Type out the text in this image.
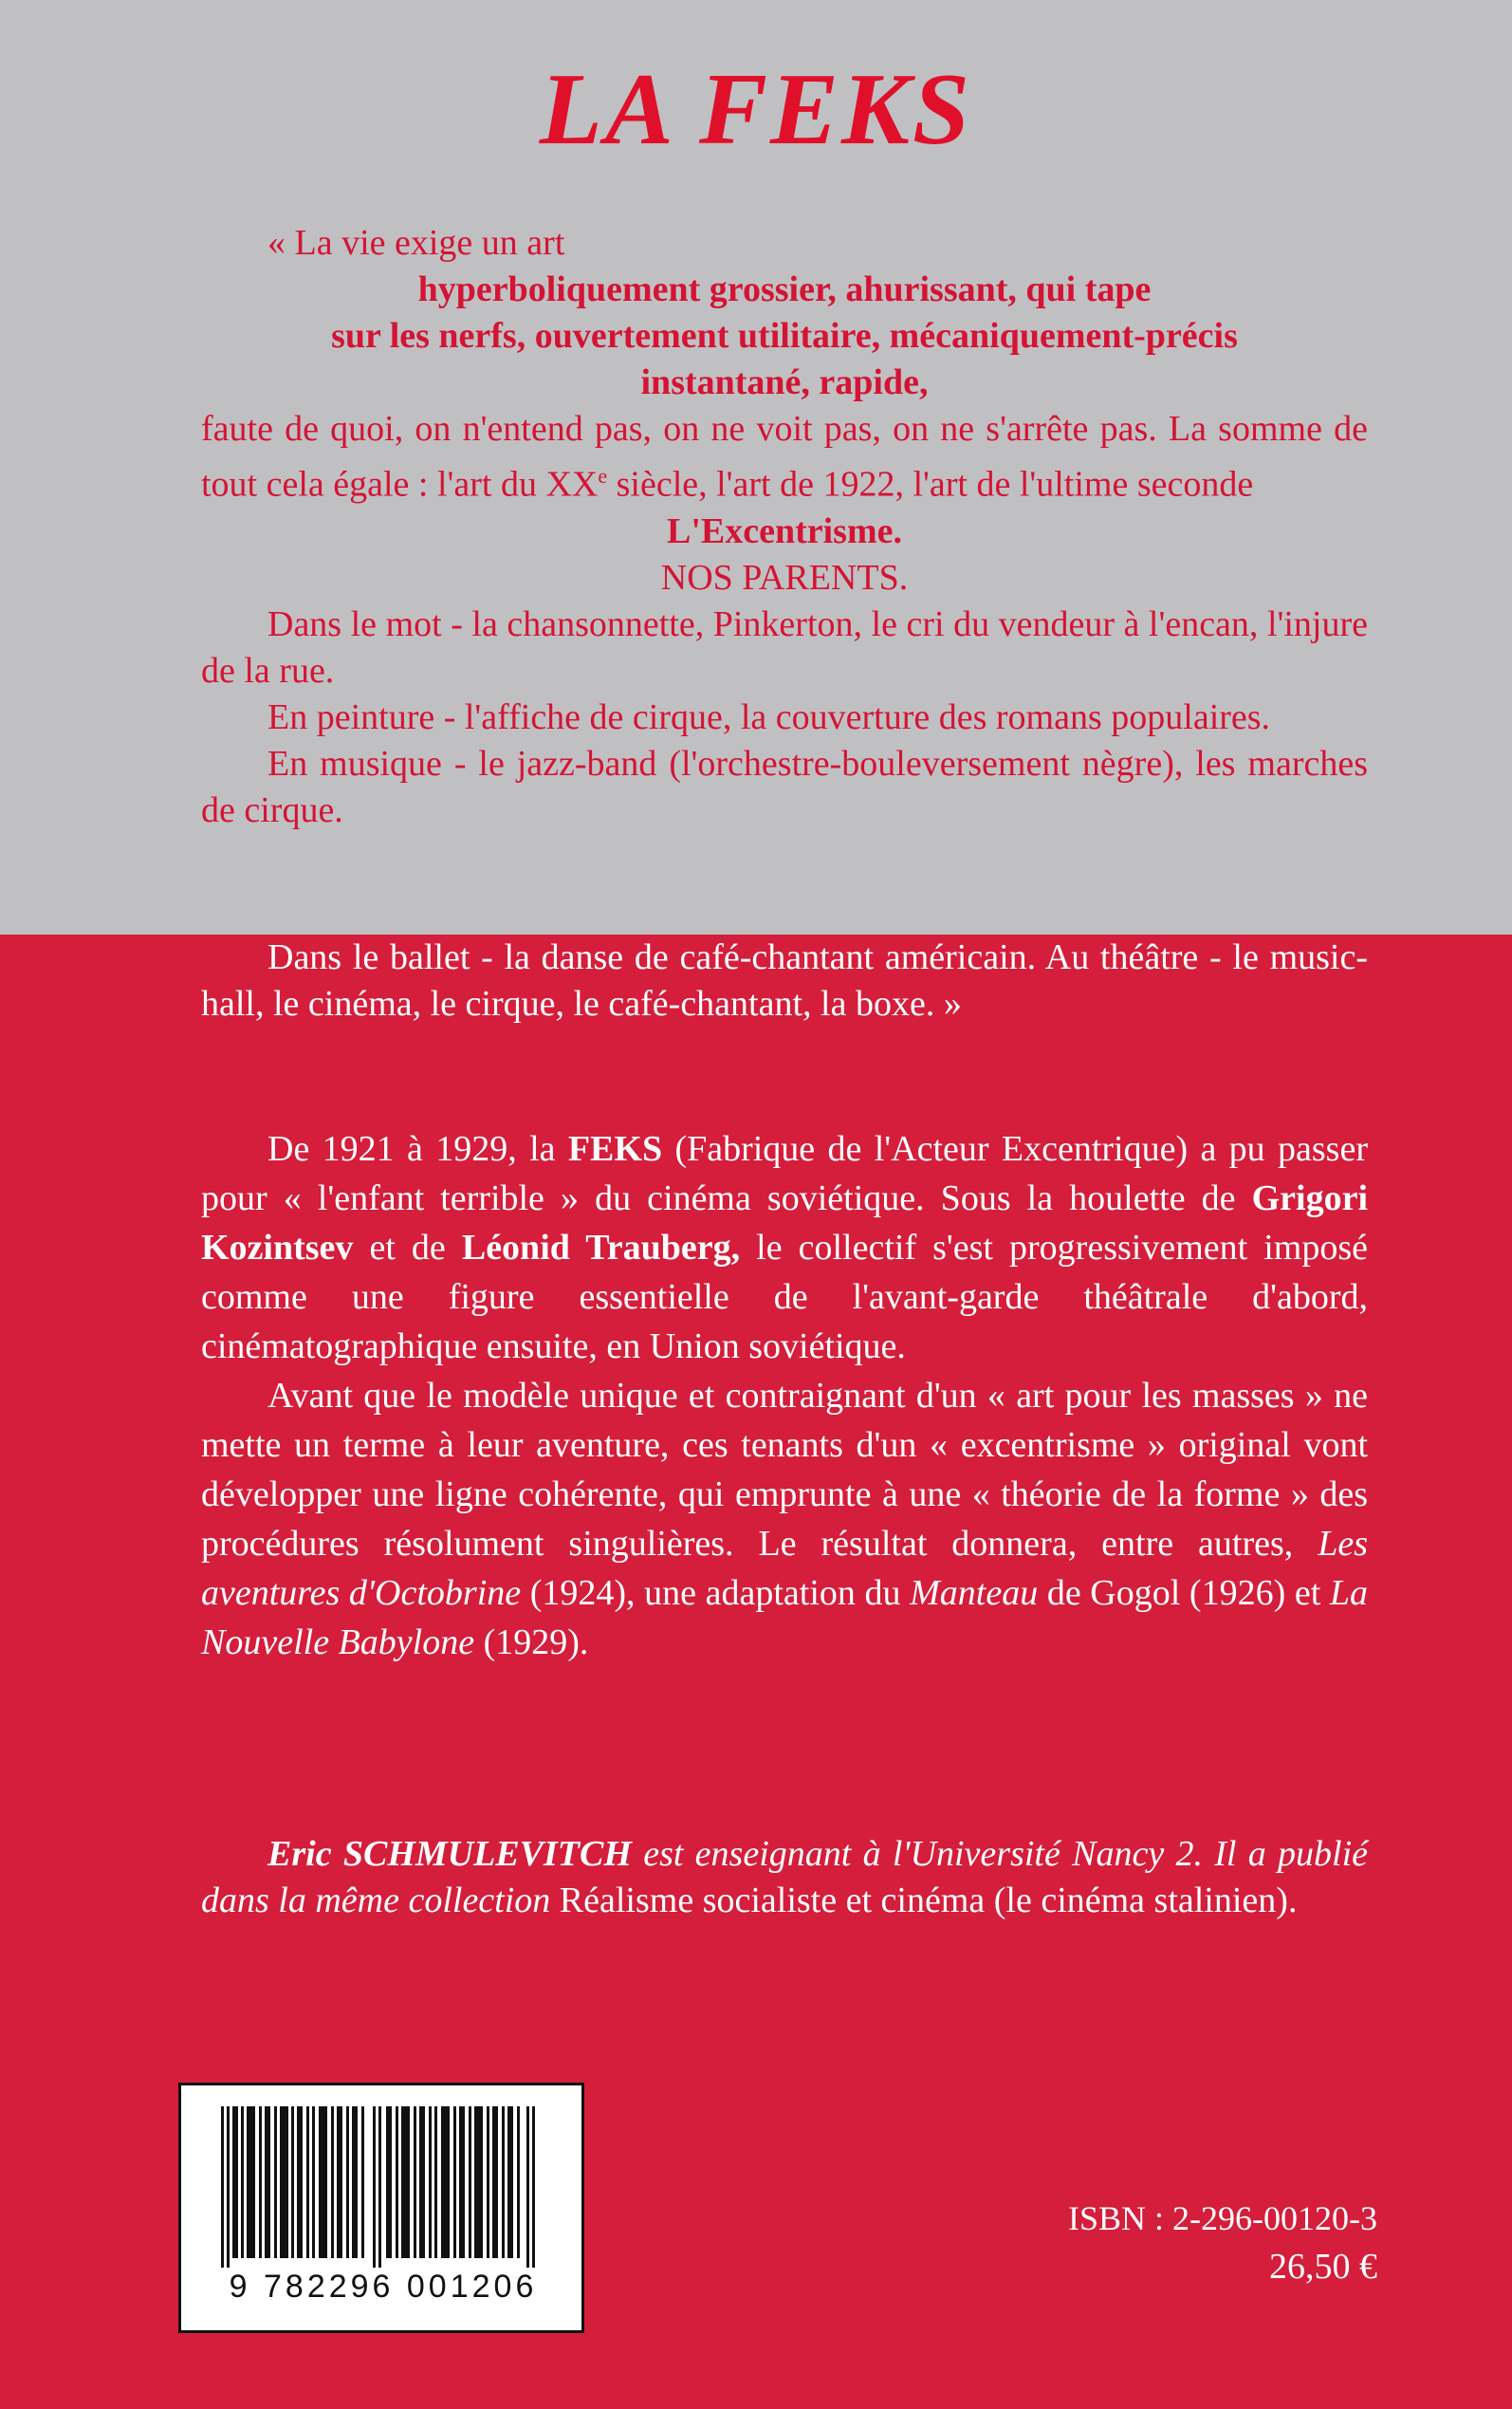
LA FEKS

« La vie exige un art

hyperboliquement grossier, ahurissant, qui tape

sur les nerfs, ouvertement utilitaire, mécaniquement-précis

instantané, rapide,

faute de quoi, on n'entend pas, on ne voit pas, on ne s'arrête pas. La somme de tout cela égale : l'art du XXe siècle, l'art de 1922, l'art de l'ultime seconde

L'Excentrisme.

NOS PARENTS.

Dans le mot - la chansonnette, Pinkerton, le cri du vendeur à l'encan, l'injure de la rue.

En peinture - l'affiche de cirque, la couverture des romans populaires.

En musique - le jazz-band (l'orchestre-bouleversement nègre), les marches de cirque.

Dans le ballet - la danse de café-chantant américain. Au théâtre - le music-hall, le cinéma, le cirque, le café-chantant, la boxe. »

De 1921 à 1929, la FEKS (Fabrique de l'Acteur Excentrique) a pu passer pour « l'enfant terrible » du cinéma soviétique. Sous la houlette de Grigori Kozintsev et de Léonid Trauberg, le collectif s'est progressivement imposé comme une figure essentielle de l'avant-garde théâtrale d'abord, cinématographique ensuite, en Union soviétique.

Avant que le modèle unique et contraignant d'un « art pour les masses » ne mette un terme à leur aventure, ces tenants d'un « excentrisme » original vont développer une ligne cohérente, qui emprunte à une « théorie de la forme » des procédures résolument singulières. Le résultat donnera, entre autres, Les aventures d'Octobrine (1924), une adaptation du Manteau de Gogol (1926) et La Nouvelle Babylone (1929).

Eric SCHMULEVITCH est enseignant à l'Université Nancy 2. Il a publié dans la même collection Réalisme socialiste et cinéma (le cinéma stalinien).

9 782296 001206
ISBN : 2-296-00120-3
26,50 €
